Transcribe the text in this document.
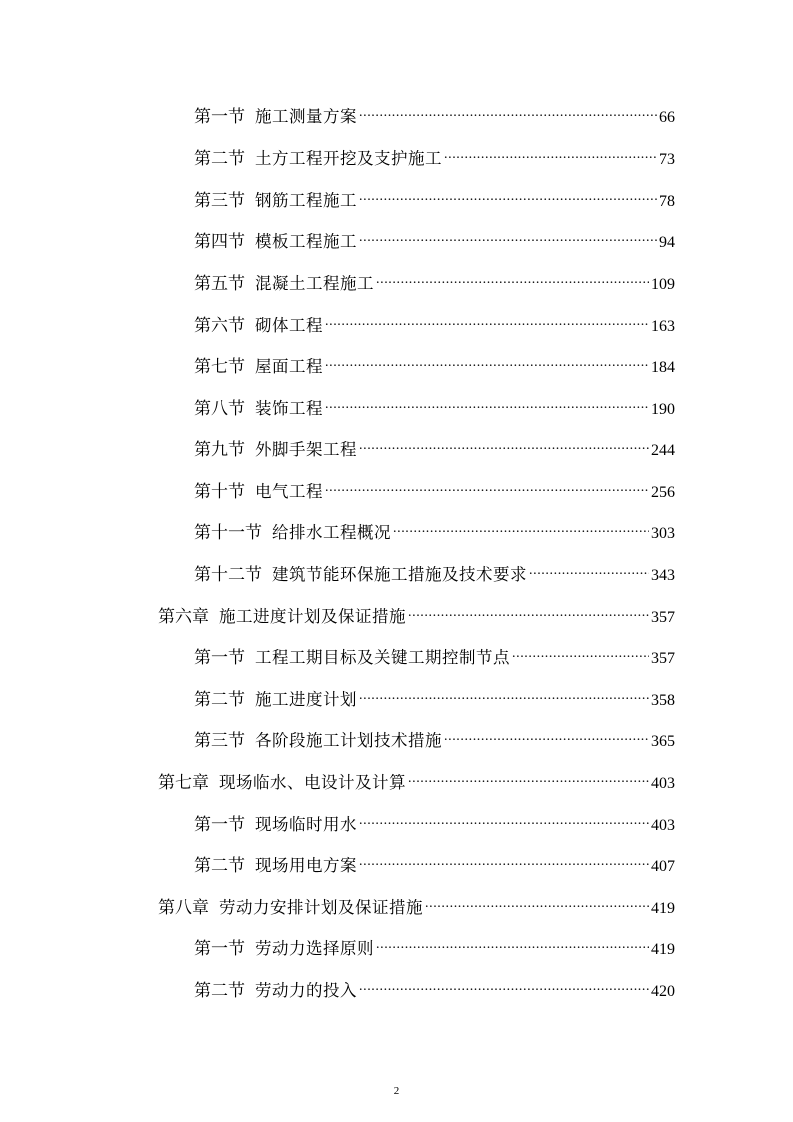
第一节 施工测量方案 .....	66
第二节 土方工程开挖及支护施工 .....	73
第三节 钢筋工程施工 .....	78
第四节 模板工程施工 .....	94
第五节 混凝土工程施工 .....	109
第六节 砌体工程 .....	163
第七节 屋面工程 .....	184
第八节 装饰工程 .....	190
第九节 外脚手架工程 .....	244
第十节 电气工程 .....	256
第十一节 给排水工程概况 .....	303
第十二节 建筑节能环保施工措施及技术要求 .....	343
第六章 施工进度计划及保证措施 .....	357
第一节 工程工期目标及关键工期控制节点 .....	357
第二节 施工进度计划 .....	358
第三节 各阶段施工计划技术措施 .....	365
第七章 现场临水、电设计及计算 .....	403
第一节 现场临时用水 .....	403
第二节 现场用电方案 .....	407
第八章 劳动力安排计划及保证措施 .....	419
第一节 劳动力选择原则 .....	419
第二节 劳动力的投入 .....	420
2
